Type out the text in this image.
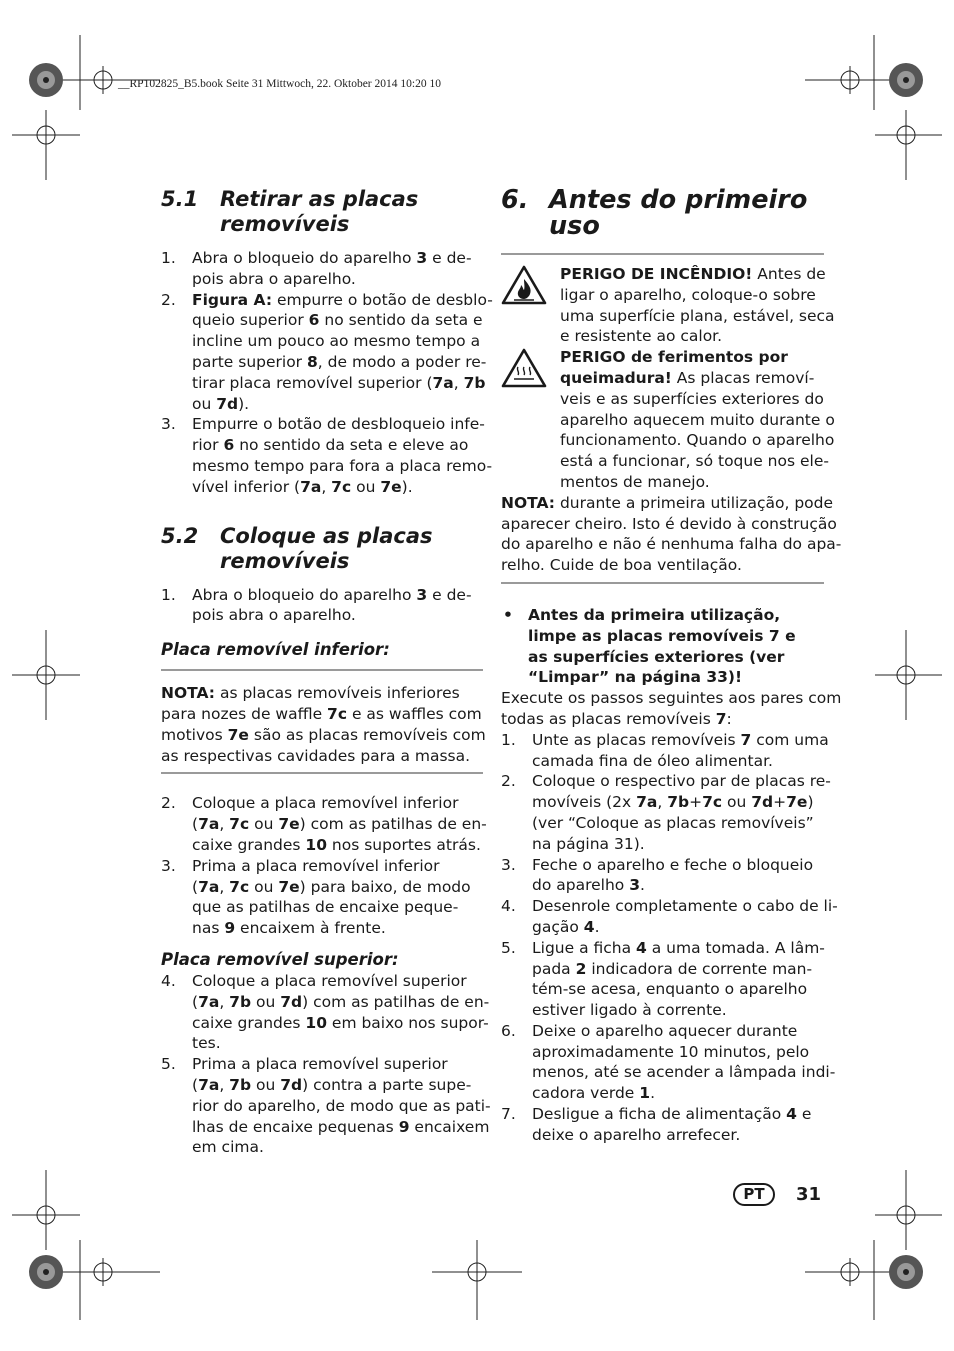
__RP102825_B5.book Seite 31 Mittwoch, 22. Oktober 2014 10:20 10
5.1 Retirar as placas
removíveis
1. Abra o bloqueio do aparelho 3 e de-
pois abra o aparelho.
2. Figura A: empurre o botão de desblo-
queio superior 6 no sentido da seta e
incline um pouco ao mesmo tempo a
parte superior 8, de modo a poder re-
tirar placa removível superior (7a, 7b
ou 7d).
3. Empurre o botão de desbloqueio infe-
rior 6 no sentido da seta e eleve ao
mesmo tempo para fora a placa remo-
vível inferior (7a, 7c ou 7e).
5.2 Coloque as placas
removíveis
1. Abra o bloqueio do aparelho 3 e de-
pois abra o aparelho.
Placa removível inferior:
NOTA: as placas removíveis inferiores
para nozes de waffle 7c e as waffles com
motivos 7e são as placas removíveis com
as respectivas cavidades para a massa.
2. Coloque a placa removível inferior
(7a, 7c ou 7e) com as patilhas de en-
caixe grandes 10 nos suportes atrás.
3. Prima a placa removível inferior
(7a, 7c ou 7e) para baixo, de modo
que as patilhas de encaixe peque-
nas 9 encaixem à frente.
Placa removível superior:
4. Coloque a placa removível superior
(7a, 7b ou 7d) com as patilhas de en-
caixe grandes 10 em baixo nos supor-
tes.
5. Prima a placa removível superior
(7a, 7b ou 7d) contra a parte supe-
rior do aparelho, de modo que as pati-
lhas de encaixe pequenas 9 encaixem
em cima.
6. Antes do primeiro
uso
PERIGO DE INCÊNDIO! Antes de
ligar o aparelho, coloque-o sobre
uma superfície plana, estável, seca
e resistente ao calor.
PERIGO de ferimentos por
queimadura! As placas removí-
veis e as superfícies exteriores do
aparelho aquecem muito durante o
funcionamento. Quando o aparelho
está a funcionar, só toque nos ele-
mentos de manejo.
NOTA: durante a primeira utilização, pode
aparecer cheiro. Isto é devido à construção
do aparelho e não é nenhuma falha do apa-
relho. Cuide de boa ventilação.
• Antes da primeira utilização,
limpe as placas removíveis 7 e
as superfícies exteriores (ver
“Limpar” na página 33)!
Execute os passos seguintes aos pares com
todas as placas removíveis 7:
1. Unte as placas removíveis 7 com uma
camada fina de óleo alimentar.
2. Coloque o respectivo par de placas re-
movíveis (2x 7a, 7b+7c ou 7d+7e)
(ver “Coloque as placas removíveis”
na página 31).
3. Feche o aparelho e feche o bloqueio
do aparelho 3.
4. Desenrole completamente o cabo de li-
gação 4.
5. Ligue a ficha 4 a uma tomada. A lâm-
pada 2 indicadora de corrente man-
tém-se acesa, enquanto o aparelho
estiver ligado à corrente.
6. Deixe o aparelho aquecer durante
aproximadamente 10 minutos, pelo
menos, até se acender a lâmpada indi-
cadora verde 1.
7. Desligue a ficha de alimentação 4 e
deixe o aparelho arrefecer.
PT	31
